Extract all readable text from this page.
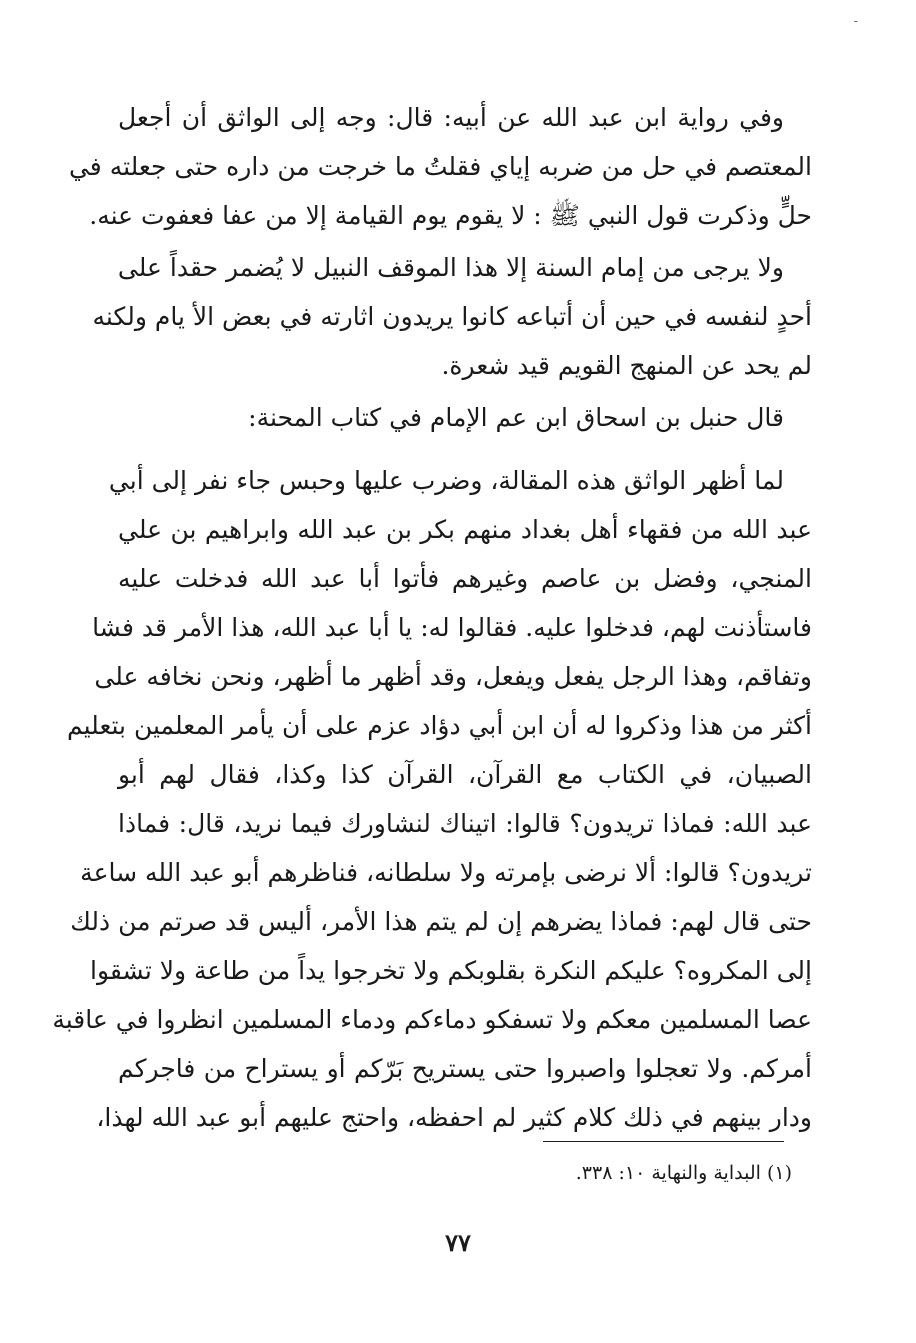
-
وفي رواية ابن عبد الله عن أبيه: قال: وجه إلى الواثق أن أجعل
المعتصم في حل من ضربه إياي فقلتُ ما خرجت من داره حتى جعلته في
حلٍّ وذكرت قول النبي ﷺ : لا يقوم يوم القيامة إلا من عفا فعفوت عنه.
ولا يرجى من إمام السنة إلا هذا الموقف النبيل لا يُضمر حقداً على
أحدٍ لنفسه في حين أن أتباعه كانوا يريدون اثارته في بعض الأ يام ولكنه
لم يحد عن المنهج القويم قيد شعرة.
قال حنبل بن اسحاق ابن عم الإمام في كتاب المحنة:
لما أظهر الواثق هذه المقالة، وضرب عليها وحبس جاء نفر إلى أبي
عبد الله من فقهاء أهل بغداد منهم بكر بن عبد الله وابراهيم بن علي
المنجي، وفضل بن عاصم وغيرهم فأتوا أبا عبد الله فدخلت عليه
فاستأذنت لهم، فدخلوا عليه. فقالوا له: يا أبا عبد الله، هذا الأمر قد فشا
وتفاقم، وهذا الرجل يفعل ويفعل، وقد أظهر ما أظهر، ونحن نخافه على
أكثر من هذا وذكروا له أن ابن أبي دؤاد عزم على أن يأمر المعلمين بتعليم
الصبيان، في الكتاب مع القرآن، القرآن كذا وكذا، فقال لهم أبو
عبد الله: فماذا تريدون؟ قالوا: اتيناك لنشاورك فيما نريد، قال: فماذا
تريدون؟ قالوا: ألا نرضى بإمرته ولا سلطانه، فناظرهم أبو عبد الله ساعة
حتى قال لهم: فماذا يضرهم إن لم يتم هذا الأمر، أليس قد صرتم من ذلك
إلى المكروه؟ عليكم النكرة بقلوبكم ولا تخرجوا يداً من طاعة ولا تشقوا
عصا المسلمين معكم ولا تسفكو دماءكم ودماء المسلمين انظروا في عاقبة
أمركم. ولا تعجلوا واصبروا حتى يستريح بَرّكم أو يستراح من فاجركم
ودار بينهم في ذلك كلام كثير لم احفظه، واحتج عليهم أبو عبد الله لهذا،
(١) البداية والنهاية ١٠: ٣٣٨.
٧٧
